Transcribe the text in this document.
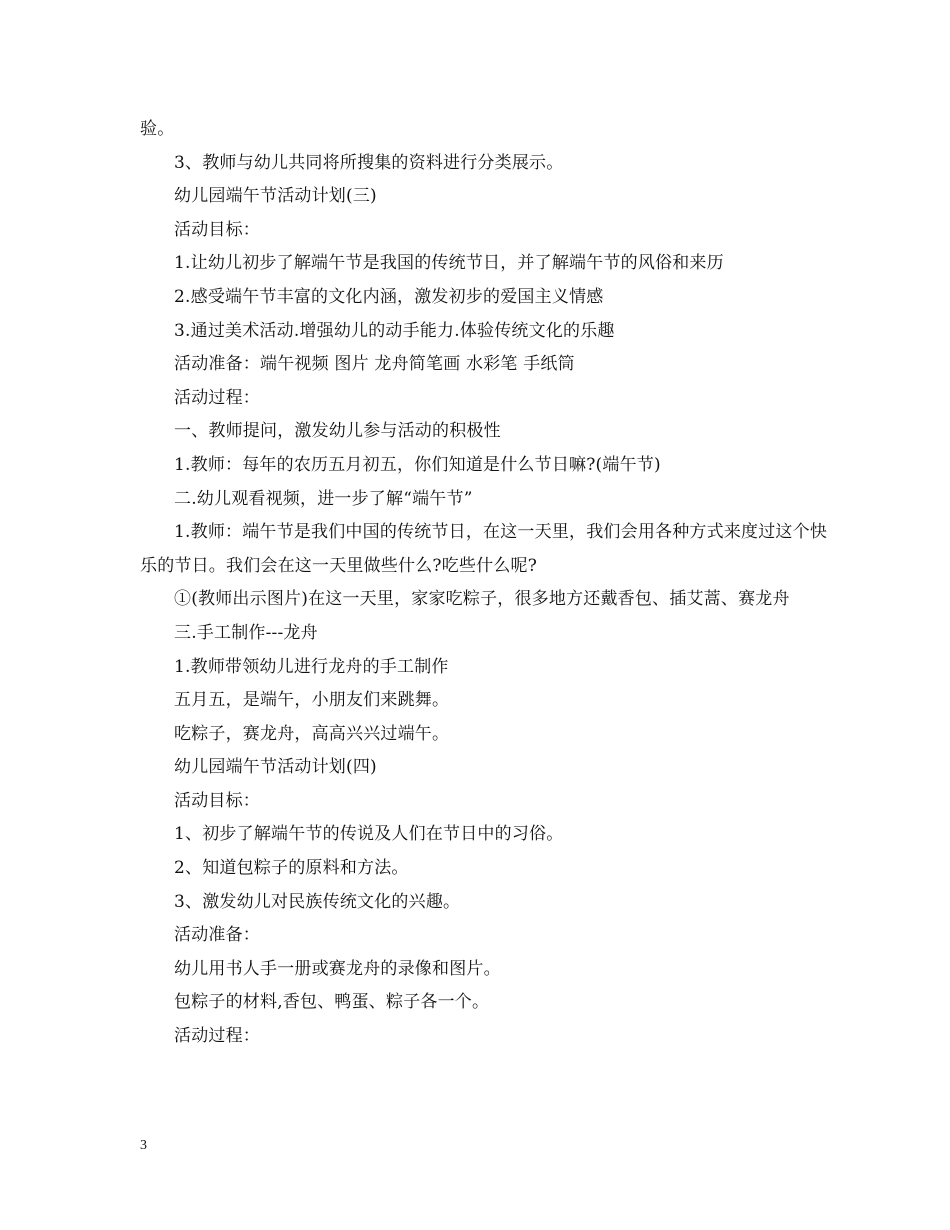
验。

3、教师与幼儿共同将所搜集的资料进行分类展示。

幼儿园端午节活动计划(三)

活动目标：

1.让幼儿初步了解端午节是我国的传统节日，并了解端午节的风俗和来历

2.感受端午节丰富的文化内涵，激发初步的爱国主义情感

3.通过美术活动.增强幼儿的动手能力.体验传统文化的乐趣

活动准备：端午视频 图片 龙舟简笔画 水彩笔 手纸筒

活动过程：

一、教师提问，激发幼儿参与活动的积极性

1.教师：每年的农历五月初五，你们知道是什么节日嘛?(端午节)

二.幼儿观看视频，进一步了解“端午节”

1.教师：端午节是我们中国的传统节日，在这一天里，我们会用各种方式来度过这个快乐的节日。我们会在这一天里做些什么?吃些什么呢?

①(教师出示图片)在这一天里，家家吃粽子，很多地方还戴香包、插艾蒿、赛龙舟

三.手工制作---龙舟

1.教师带领幼儿进行龙舟的手工制作

五月五，是端午，小朋友们来跳舞。

吃粽子，赛龙舟，高高兴兴过端午。

幼儿园端午节活动计划(四)

活动目标：

1、初步了解端午节的传说及人们在节日中的习俗。

2、知道包粽子的原料和方法。

3、激发幼儿对民族传统文化的兴趣。

活动准备：

幼儿用书人手一册或赛龙舟的录像和图片。

包粽子的材料,香包、鸭蛋、粽子各一个。

活动过程：

3
